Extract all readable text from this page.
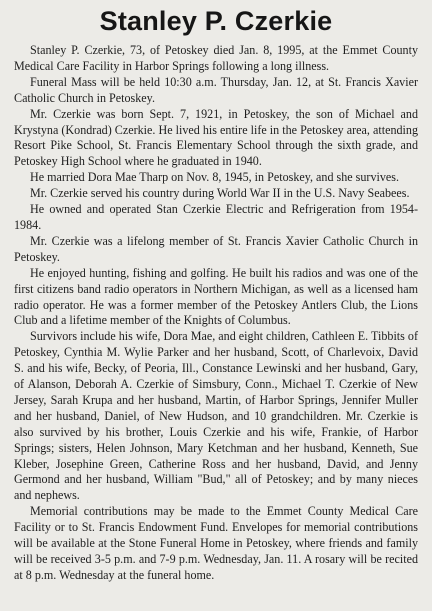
Stanley P. Czerkie

Stanley P. Czerkie, 73, of Petoskey died Jan. 8, 1995, at the Emmet County Medical Care Facility in Harbor Springs following a long illness.

Funeral Mass will be held 10:30 a.m. Thursday, Jan. 12, at St. Francis Xavier Catholic Church in Petoskey.

Mr. Czerkie was born Sept. 7, 1921, in Petoskey, the son of Michael and Krystyna (Kondrad) Czerkie. He lived his entire life in the Petoskey area, attending Resort Pike School, St. Francis Elementary School through the sixth grade, and Petoskey High School where he graduated in 1940.

He married Dora Mae Tharp on Nov. 8, 1945, in Petoskey, and she survives.

Mr. Czerkie served his country during World War II in the U.S. Navy Seabees.

He owned and operated Stan Czerkie Electric and Refrigeration from 1954-1984.

Mr. Czerkie was a lifelong member of St. Francis Xavier Catholic Church in Petoskey.

He enjoyed hunting, fishing and golfing. He built his radios and was one of the first citizens band radio operators in Northern Michigan, as well as a licensed ham radio operator. He was a former member of the Petoskey Antlers Club, the Lions Club and a lifetime member of the Knights of Columbus.

Survivors include his wife, Dora Mae, and eight children, Cathleen E. Tibbits of Petoskey, Cynthia M. Wylie Parker and her husband, Scott, of Charlevoix, David S. and his wife, Becky, of Peoria, Ill., Constance Lewinski and her husband, Gary, of Alanson, Deborah A. Czerkie of Simsbury, Conn., Michael T. Czerkie of New Jersey, Sarah Krupa and her husband, Martin, of Harbor Springs, Jennifer Muller and her husband, Daniel, of New Hudson, and 10 grandchildren. Mr. Czerkie is also survived by his brother, Louis Czerkie and his wife, Frankie, of Harbor Springs; sisters, Helen Johnson, Mary Ketchman and her husband, Kenneth, Sue Kleber, Josephine Green, Catherine Ross and her husband, David, and Jenny Germond and her husband, William "Bud," all of Petoskey; and by many nieces and nephews.

Memorial contributions may be made to the Emmet County Medical Care Facility or to St. Francis Endowment Fund. Envelopes for memorial contributions will be available at the Stone Funeral Home in Petoskey, where friends and family will be received 3-5 p.m. and 7-9 p.m. Wednesday, Jan. 11. A rosary will be recited at 8 p.m. Wednesday at the funeral home.
